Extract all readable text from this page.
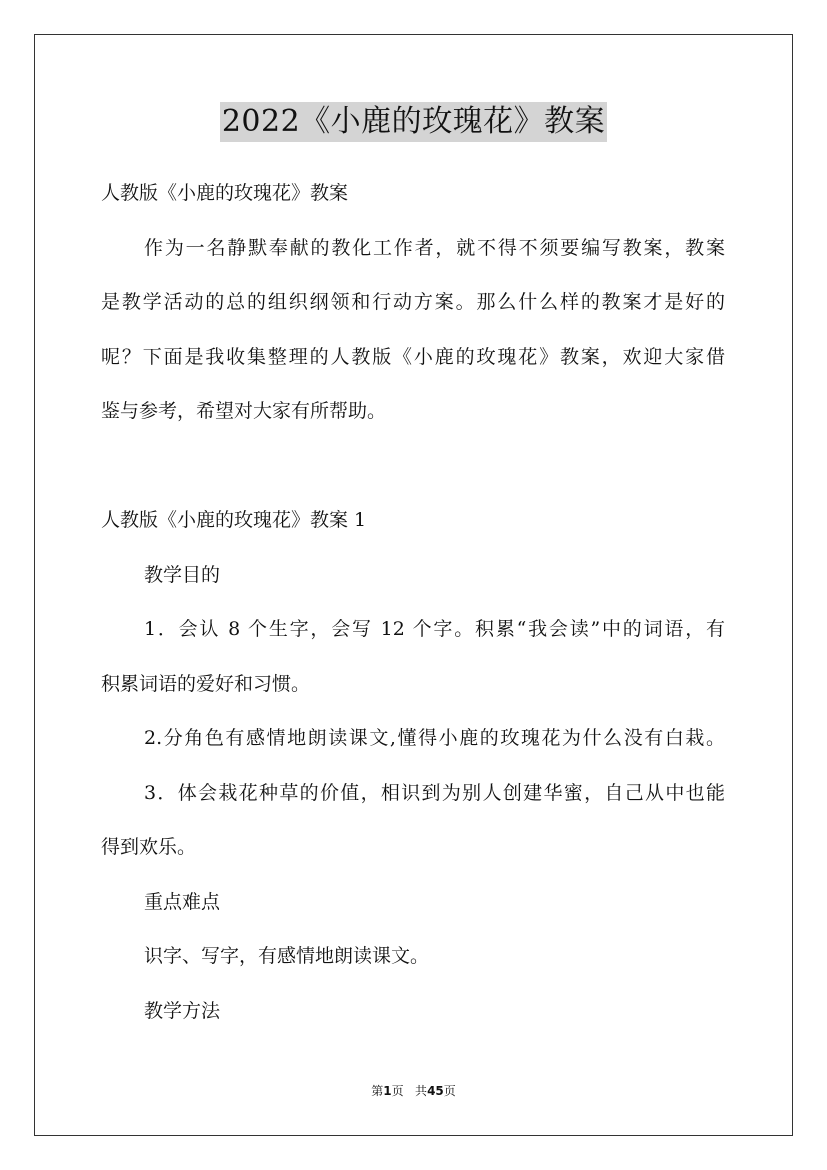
2022《小鹿的玫瑰花》教案
人教版《小鹿的玫瑰花》教案
作为一名静默奉献的教化工作者，就不得不须要编写教案，教案
是教学活动的总的组织纲领和行动方案。那么什么样的教案才是好的
呢？下面是我收集整理的人教版《小鹿的玫瑰花》教案，欢迎大家借
鉴与参考，希望对大家有所帮助。
人教版《小鹿的玫瑰花》教案 1
教学目的
1．会认 8 个生字，会写 12 个字。积累“我会读”中的词语，有
积累词语的爱好和习惯。
2.分角色有感情地朗读课文,懂得小鹿的玫瑰花为什么没有白栽。
3．体会栽花种草的价值，相识到为别人创建华蜜，自己从中也能
得到欢乐。
重点难点
识字、写字，有感情地朗读课文。
教学方法
第1页 共45页
